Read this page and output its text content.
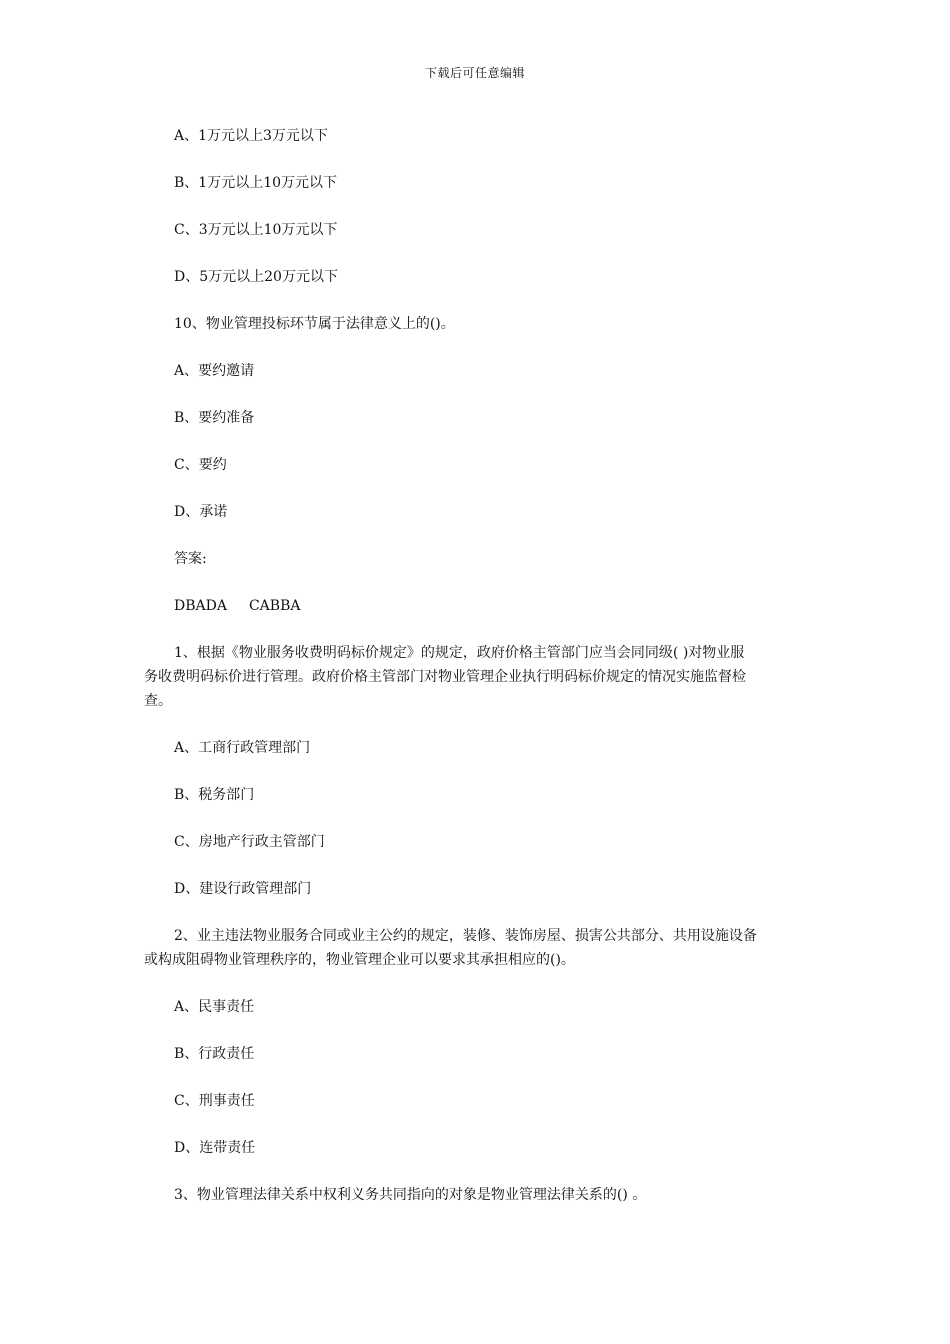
下载后可任意编辑

A、1万元以上3万元以下

B、1万元以上10万元以下

C、3万元以上10万元以下

D、5万元以上20万元以下

10、物业管理投标环节属于法律意义上的()。

A、要约邀请

B、要约准备

C、要约

D、承诺

答案:

DBADA CABBA

1、根据《物业服务收费明码标价规定》的规定，政府价格主管部门应当会同同级( )对物业服

务收费明码标价进行管理。政府价格主管部门对物业管理企业执行明码标价规定的情况实施监督检

查。

A、工商行政管理部门

B、税务部门

C、房地产行政主管部门

D、建设行政管理部门

2、业主违法物业服务合同或业主公约的规定，装修、装饰房屋、损害公共部分、共用设施设备

或构成阻碍物业管理秩序的，物业管理企业可以要求其承担相应的()。

A、民事责任

B、行政责任

C、刑事责任

D、连带责任

3、物业管理法律关系中权利义务共同指向的对象是物业管理法律关系的() 。
